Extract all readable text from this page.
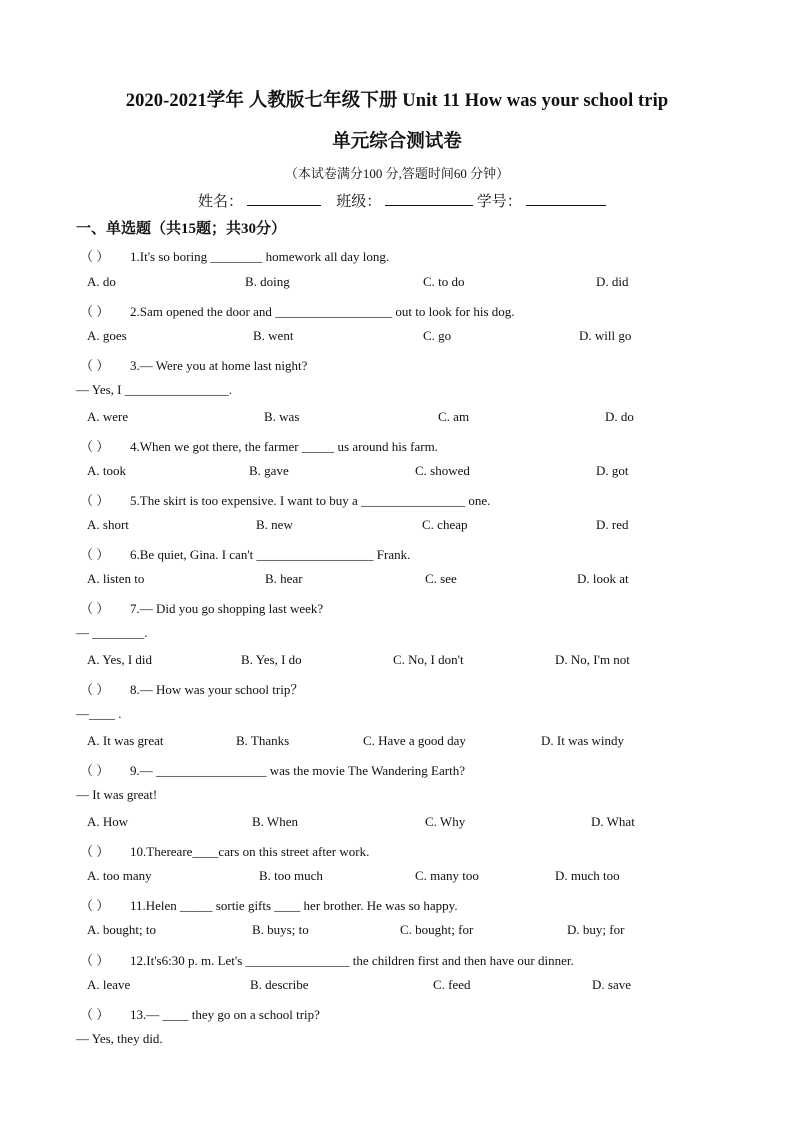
2020-2021学年 人教版七年级下册 Unit 11 How was your school trip
单元综合测试卷
（本试卷满分100 分,答题时间60 分钟）
姓名：	班级：	学号：
一、单选题（共15题；共30分）
（ ） 1.It's so boring ________ homework all day long.
A. do	B. doing	C. to do	D. did
（ ） 2.Sam opened the door and __________________ out to look for his dog.
A. goes	B. went	C. go	D. will go
（ ） 3.— Were you at home last night?
— Yes, I ________________.
A. were	B. was	C. am	D. do
（ ） 4.When we got there, the farmer _____ us around his farm.
A. took	B. gave	C. showed	D. got
（ ） 5.The skirt is too expensive. I want to buy a ________________ one.
A. short	B. new	C. cheap	D. red
（ ） 6.Be quiet, Gina. I can't __________________ Frank.
A. listen to	B. hear	C. see	D. look at
（ ） 7.— Did you go shopping last week?
— ________.
A. Yes, I did	B. Yes, I do	C. No, I don't	D. No, I'm not
（ ） 8.— How was your school trip？
—____ .
A. It was great	B. Thanks	C. Have a good day	D. It was windy
（ ） 9.— _________________ was the movie The Wandering Earth?
— It was great!
A. How	B. When	C. Why	D. What
（ ） 10.Thereare____cars on this street after work.
A. too many	B. too much	C. many too	D. much too
（ ） 11.Helen _____ sortie gifts ____ her brother. He was so happy.
A. bought; to	B. buys; to	C. bought; for	D. buy; for
（ ） 12.It's6:30 p. m. Let's ________________ the children first and then have our dinner.
A. leave	B. describe	C. feed	D. save
（ ） 13.— ____ they go on a school trip?
— Yes, they did.
